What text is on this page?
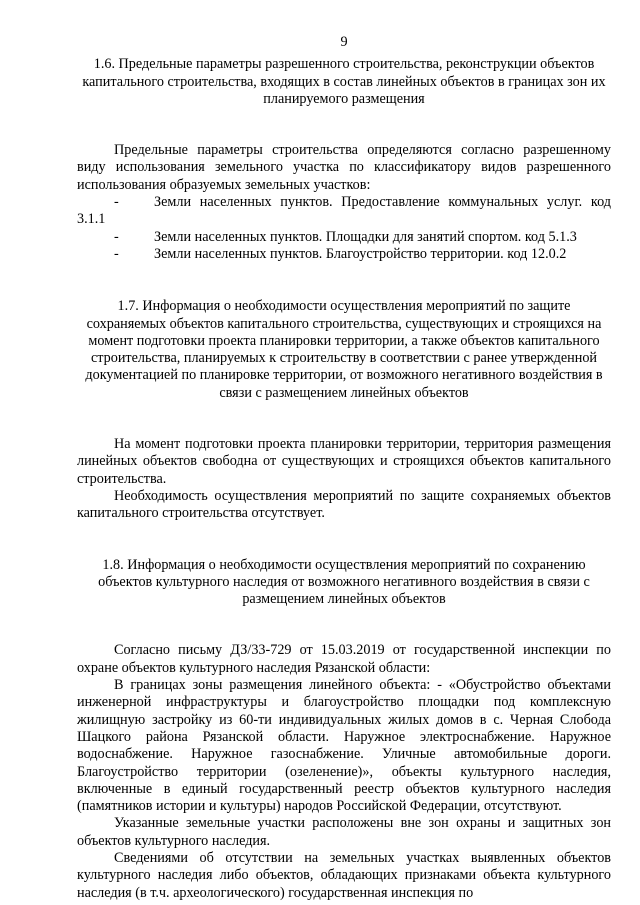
9
1.6. Предельные параметры разрешенного строительства, реконструкции объектов капитального строительства, входящих в состав линейных объектов в границах зон их планируемого размещения
Предельные параметры строительства определяются согласно разрешенному виду использования земельного участка по классификатору видов разрешенного использования образуемых земельных участков:
-	Земли населенных пунктов. Предоставление коммунальных услуг. код 3.1.1
-	Земли населенных пунктов. Площадки для занятий спортом. код 5.1.3
-	Земли населенных пунктов. Благоустройство территории. код 12.0.2
1.7. Информация о необходимости осуществления мероприятий по защите сохраняемых объектов капитального строительства, существующих и строящихся на момент подготовки проекта планировки территории, а также объектов капитального строительства, планируемых к строительству в соответствии с ранее утвержденной документацией по планировке территории, от возможного негативного воздействия в связи с размещением линейных объектов
На момент подготовки проекта планировки территории, территория размещения линейных объектов свободна от существующих и строящихся объектов капитального строительства.
Необходимость осуществления мероприятий по защите сохраняемых объектов капитального строительства отсутствует.
1.8. Информация о необходимости осуществления мероприятий по сохранению объектов культурного наследия от возможного негативного воздействия в связи с размещением линейных объектов
Согласно письму ДЗ/33-729 от 15.03.2019 от государственной инспекции по охране объектов культурного наследия Рязанской области:
В границах зоны размещения линейного объекта: - «Обустройство объектами инженерной инфраструктуры и благоустройство площадки под комплексную жилищную застройку из 60-ти индивидуальных жилых домов в с. Черная Слобода Шацкого района Рязанской области. Наружное электроснабжение. Наружное водоснабжение. Наружное газоснабжение. Уличные автомобильные дороги. Благоустройство территории (озеленение)», объекты культурного наследия, включенные в единый государственный реестр объектов культурного наследия (памятников истории и культуры) народов Российской Федерации, отсутствуют.
Указанные земельные участки расположены вне зон охраны и защитных зон объектов культурного наследия.
Сведениями об отсутствии на земельных участках выявленных объектов культурного наследия либо объектов, обладающих признаками объекта культурного наследия (в т.ч. археологического) государственная инспекция по
